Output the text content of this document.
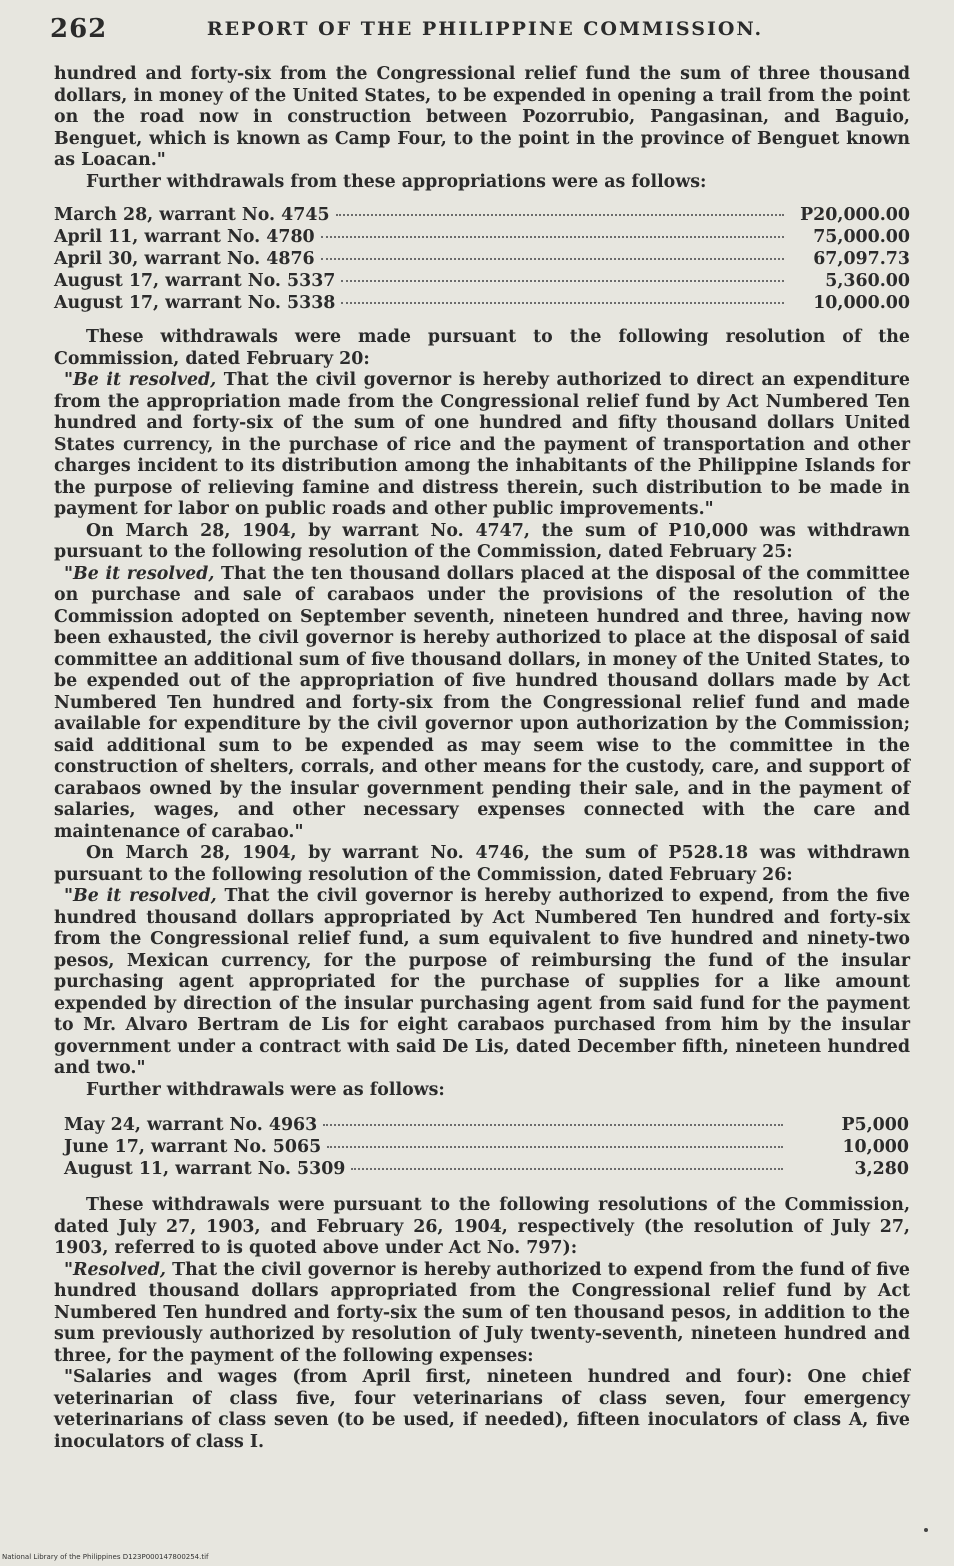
262	REPORT OF THE PHILIPPINE COMMISSION.

hundred and forty-six from the Congressional relief fund the sum of three thousand dollars, in money of the United States, to be expended in opening a trail from the point on the road now in construction between Pozorrubio, Pangasinan, and Baguio, Benguet, which is known as Camp Four, to the point in the province of Benguet known as Loacan."

Further withdrawals from these appropriations were as follows:

March 28, warrant No. 4745	P20,000.00
April 11, warrant No. 4780	75,000.00
April 30, warrant No. 4876	67,097.73
August 17, warrant No. 5337	5,360.00
August 17, warrant No. 5338	10,000.00

These withdrawals were made pursuant to the following resolution of the Commission, dated February 20:

"Be it resolved, That the civil governor is hereby authorized to direct an expenditure from the appropriation made from the Congressional relief fund by Act Numbered Ten hundred and forty-six of the sum of one hundred and fifty thousand dollars United States currency, in the purchase of rice and the payment of transportation and other charges incident to its distribution among the inhabitants of the Philippine Islands for the purpose of relieving famine and distress therein, such distribution to be made in payment for labor on public roads and other public improvements."

On March 28, 1904, by warrant No. 4747, the sum of P10,000 was withdrawn pursuant to the following resolution of the Commission, dated February 25:

"Be it resolved, That the ten thousand dollars placed at the disposal of the committee on purchase and sale of carabaos under the provisions of the resolution of the Commission adopted on September seventh, nineteen hundred and three, having now been exhausted, the civil governor is hereby authorized to place at the disposal of said committee an additional sum of five thousand dollars, in money of the United States, to be expended out of the appropriation of five hundred thousand dollars made by Act Numbered Ten hundred and forty-six from the Congressional relief fund and made available for expenditure by the civil governor upon authorization by the Commission; said additional sum to be expended as may seem wise to the committee in the construction of shelters, corrals, and other means for the custody, care, and support of carabaos owned by the insular government pending their sale, and in the payment of salaries, wages, and other necessary expenses connected with the care and maintenance of carabao."

On March 28, 1904, by warrant No. 4746, the sum of P528.18 was withdrawn pursuant to the following resolution of the Commission, dated February 26:

"Be it resolved, That the civil governor is hereby authorized to expend, from the five hundred thousand dollars appropriated by Act Numbered Ten hundred and forty-six from the Congressional relief fund, a sum equivalent to five hundred and ninety-two pesos, Mexican currency, for the purpose of reimbursing the fund of the insular purchasing agent appropriated for the purchase of supplies for a like amount expended by direction of the insular purchasing agent from said fund for the payment to Mr. Alvaro Bertram de Lis for eight carabaos purchased from him by the insular government under a contract with said De Lis, dated December fifth, nineteen hundred and two."

Further withdrawals were as follows:

May 24, warrant No. 4963	P5,000
June 17, warrant No. 5065	10,000
August 11, warrant No. 5309	3,280

These withdrawals were pursuant to the following resolutions of the Commission, dated July 27, 1903, and February 26, 1904, respectively (the resolution of July 27, 1903, referred to is quoted above under Act No. 797):

"Resolved, That the civil governor is hereby authorized to expend from the fund of five hundred thousand dollars appropriated from the Congressional relief fund by Act Numbered Ten hundred and forty-six the sum of ten thousand pesos, in addition to the sum previously authorized by resolution of July twenty-seventh, nineteen hundred and three, for the payment of the following expenses:

"Salaries and wages (from April first, nineteen hundred and four): One chief veterinarian of class five, four veterinarians of class seven, four emergency veterinarians of class seven (to be used, if needed), fifteen inoculators of class A, five inoculators of class I.

National Library of the Philippines D123P000147800254.tif
